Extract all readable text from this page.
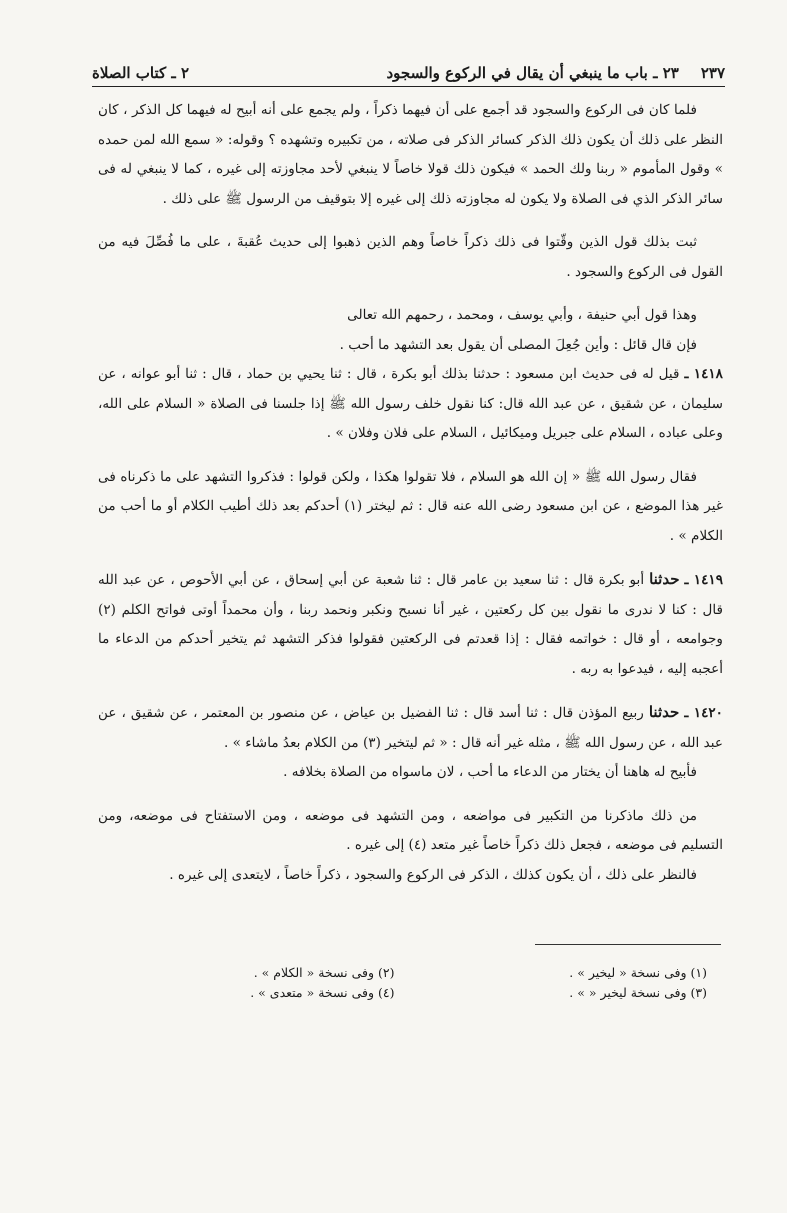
٢ ـ كتاب الصلاة	٢٣٧
٢٣ ـ باب ما ينبغي أن يقال في الركوع والسجود

فلما كان فى الركوع والسجود قد أجمع على أن فيهما ذكراً ، ولم يجمع على أنه أبيح له فيهما كل الذكر ، كان النظر على ذلك أن يكون ذلك الذكر كسائر الذكر فى صلاته ، من تكبيره وتشهده ؟ وقوله: « سمع الله لمن حمده » وقول المأموم « ربنا ولك الحمد » فيكون ذلك قولا خاصاً لا ينبغي لأحد مجاوزته إلى غيره ، كما لا ينبغي له فى سائر الذكر الذي فى الصلاة ولا يكون له مجاوزته ذلك إلى غيره إلا بتوقيف من الرسول ﷺ على ذلك .

ثبت بذلك قول الذين وقّتوا فى ذلك ذكراً خاصاً وهم الذين ذهبوا إلى حديث عُقبةَ ، على ما فُصِّلَ فيه من القول فى الركوع والسجود .

وهذا قول أبي حنيفة ، وأبي يوسف ، ومحمد ، رحمهم الله تعالى

فإن قال قائل : وأين جُعِلَ المصلى أن يقول بعد التشهد ما أحب .

١٤١٨ ـ قيل له فى حديث ابن مسعود : حدثنا بذلك أبو بكرة ، قال : ثنا يحيي بن حماد ، قال : ثنا أبو عوانه ، عن سليمان ، عن شقيق ، عن عبد الله قال: كنا نقول خلف رسول الله ﷺ إذا جلسنا فى الصلاة « السلام على الله، وعلى عباده ، السلام على جبريل وميكائيل ، السلام على فلان وفلان » .

فقال رسول الله ﷺ « إن الله هو السلام ، فلا تقولوا هكذا ، ولكن قولوا : فذكروا التشهد على ما ذكرناه فى غير هذا الموضع ، عن ابن مسعود رضى الله عنه قال : ثم ليختر (١) أحدكم بعد ذلك أطيب الكلام أو ما أحب من الكلام » .

١٤١٩ ـ حدثنا أبو بكرة قال : ثنا سعيد بن عامر قال : ثنا شعبة عن أبي إسحاق ، عن أبي الأحوص ، عن عبد الله قال : كنا لا ندرى ما نقول بين كل ركعتين ، غير أنا نسبح ونكبر ونحمد ربنا ، وأن محمداً أوتى فواتح الكلم (٢) وجوامعه ، أو قال : خواتمه فقال : إذا قعدتم فى الركعتين فقولوا فذكر التشهد ثم يتخير أحدكم من الدعاء ما أعجبه إليه ، فيدعوا به ربه .

١٤٢٠ ـ حدثنا ربيع المؤذن قال : ثنا أسد قال : ثنا الفضيل بن عياض ، عن منصور بن المعتمر ، عن شقيق ، عن عبد الله ، عن رسول الله ﷺ ، مثله غير أنه قال : « ثم ليتخير (٣) من الكلام بعدُ ماشاء » .

فأبيح له هاهنا أن يختار من الدعاء ما أحب ، لان ماسواه من الصلاة بخلافه .

من ذلك ماذكرنا من التكبير فى مواضعه ، ومن التشهد فى موضعه ، ومن الاستفتاح فى موضعه، ومن التسليم فى موضعه ، فجعل ذلك ذكراً خاصاً غير متعد (٤) إلى غيره .

فالنظر على ذلك ، أن يكون كذلك ، الذكر فى الركوع والسجود ، ذكراً خاصاً ، لايتعدى إلى غيره .

(١) وفى نسخة « ليخير » .
(٢) وفى نسخة « الكلام » .
(٣) وفى نسخة ليخير « » .
(٤) وفى نسخة « متعدى » .
